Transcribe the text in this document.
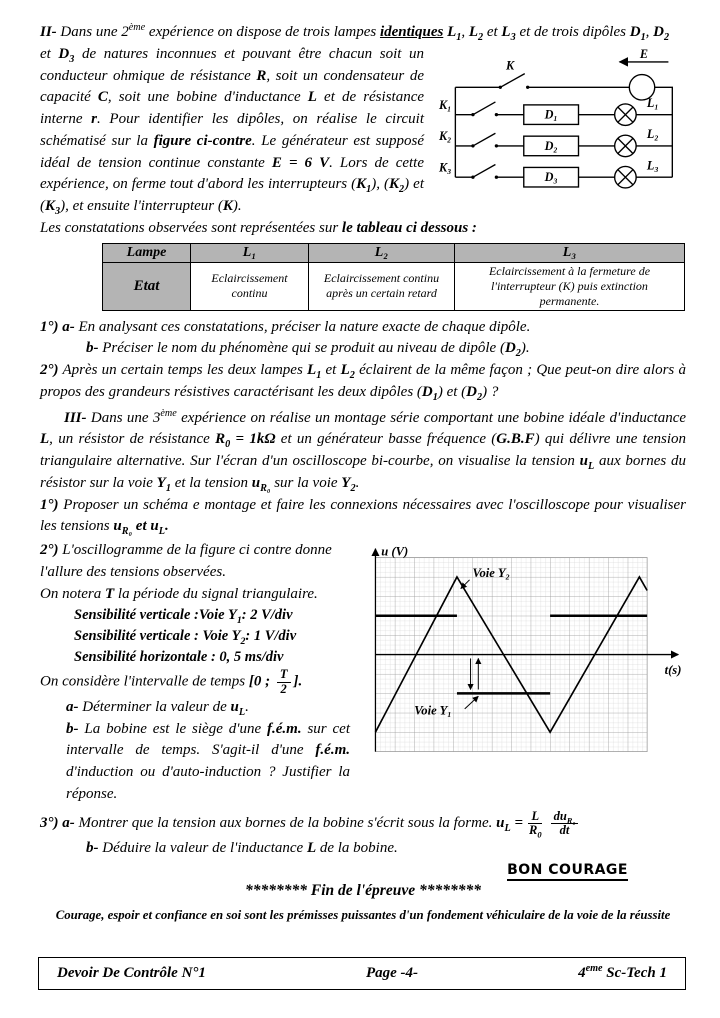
II- Dans une 2ème expérience on dispose de trois lampes identiques $L_1$, $L_2$ et $L_3$ et de trois dipôles $D_1$, $D_2$

et $D_3$ de natures inconnues et pouvant être chacun soit un conducteur ohmique de résistance R, soit un condensateur de capacité C, soit une bobine d'inductance L et de résistance interne r. Pour identifier les dipôles, on réalise le circuit schématisé sur la figure ci-contre. Le générateur est supposé idéal de tension continue constante E = 6 V. Lors de cette expérience, on ferme tout d'abord les interrupteurs $(K_1)$, $(K_2)$ et $(K_3)$, et ensuite l'interrupteur (K).
E
K
K₁
K₂
K₃
D₁
D₂
D₃
L₁
L₂
L₃

Les constatations observées sont représentées sur le tableau ci dessous :

Lampe	L₁	L₂	L₃
Etat	Eclaircissement continu	Eclaircissement continu après un certain retard	Eclaircissement à la fermeture de l'interrupteur (K) puis extinction permanente.

1°) a- En analysant ces constatations, préciser la nature exacte de chaque dipôle.

b- Préciser le nom du phénomène qui se produit au niveau de dipôle $(D_2)$.

2°) Après un certain temps les deux lampes $L_1$ et $L_2$ éclairent de la même façon ; Que peut-on dire alors à propos des grandeurs résistives caractérisant les deux dipôles $(D_1)$ et $(D_2)$ ?

III- Dans une 3ème expérience on réalise un montage série comportant une bobine idéale d'inductance L, un résistor de résistance $R_0 = 1k\Omega$ et un générateur basse fréquence (G.B.F) qui délivre une tension triangulaire alternative. Sur l'écran d'un oscilloscope bi-courbe, on visualise la tension $u_L$ aux bornes du résistor sur la voie $Y_1$ et la tension $u_{R_0}$ sur la voie $Y_2$.

1°) Proposer un schéma e montage et faire les connexions nécessaires avec l'oscilloscope pour visualiser les tensions $u_{R_0}$ et $u_L$.

2°) L'oscillogramme de la figure ci contre donne l'allure des tensions observées.

On notera T la période du signal triangulaire.

Sensibilité verticale :Voie $Y_1$: 2 V/div

Sensibilité verticale : Voie $Y_2$: 1 V/div

Sensibilité horizontale : 0, 5 ms/div

On considère l'intervalle de temps [0 ; $\frac{T}{2}$ ].

a- Déterminer la valeur de $u_L$.

b- La bobine est le siège d'une f.é.m. sur cet intervalle de temps. S'agit-il d'une f.é.m. d'induction ou d'auto-induction ? Justifier la réponse.

Voie Y₂
Voie Y₁
u (V)
t(s)

3°) a- Montrer que la tension aux bornes de la bobine s'écrit sous la forme. $u_L = \frac{L}{R_0} \frac{du_{R_0}}{dt}$

b- Déduire la valeur de l'inductance L de la bobine.

BON COURAGE

******** Fin de l'épreuve ********

Courage, espoir et confiance en soi sont les prémisses puissantes d'un fondement véhiculaire de la voie de la réussite

Devoir De Contrôle N°1	Page -4-	4eme Sc-Tech 1
